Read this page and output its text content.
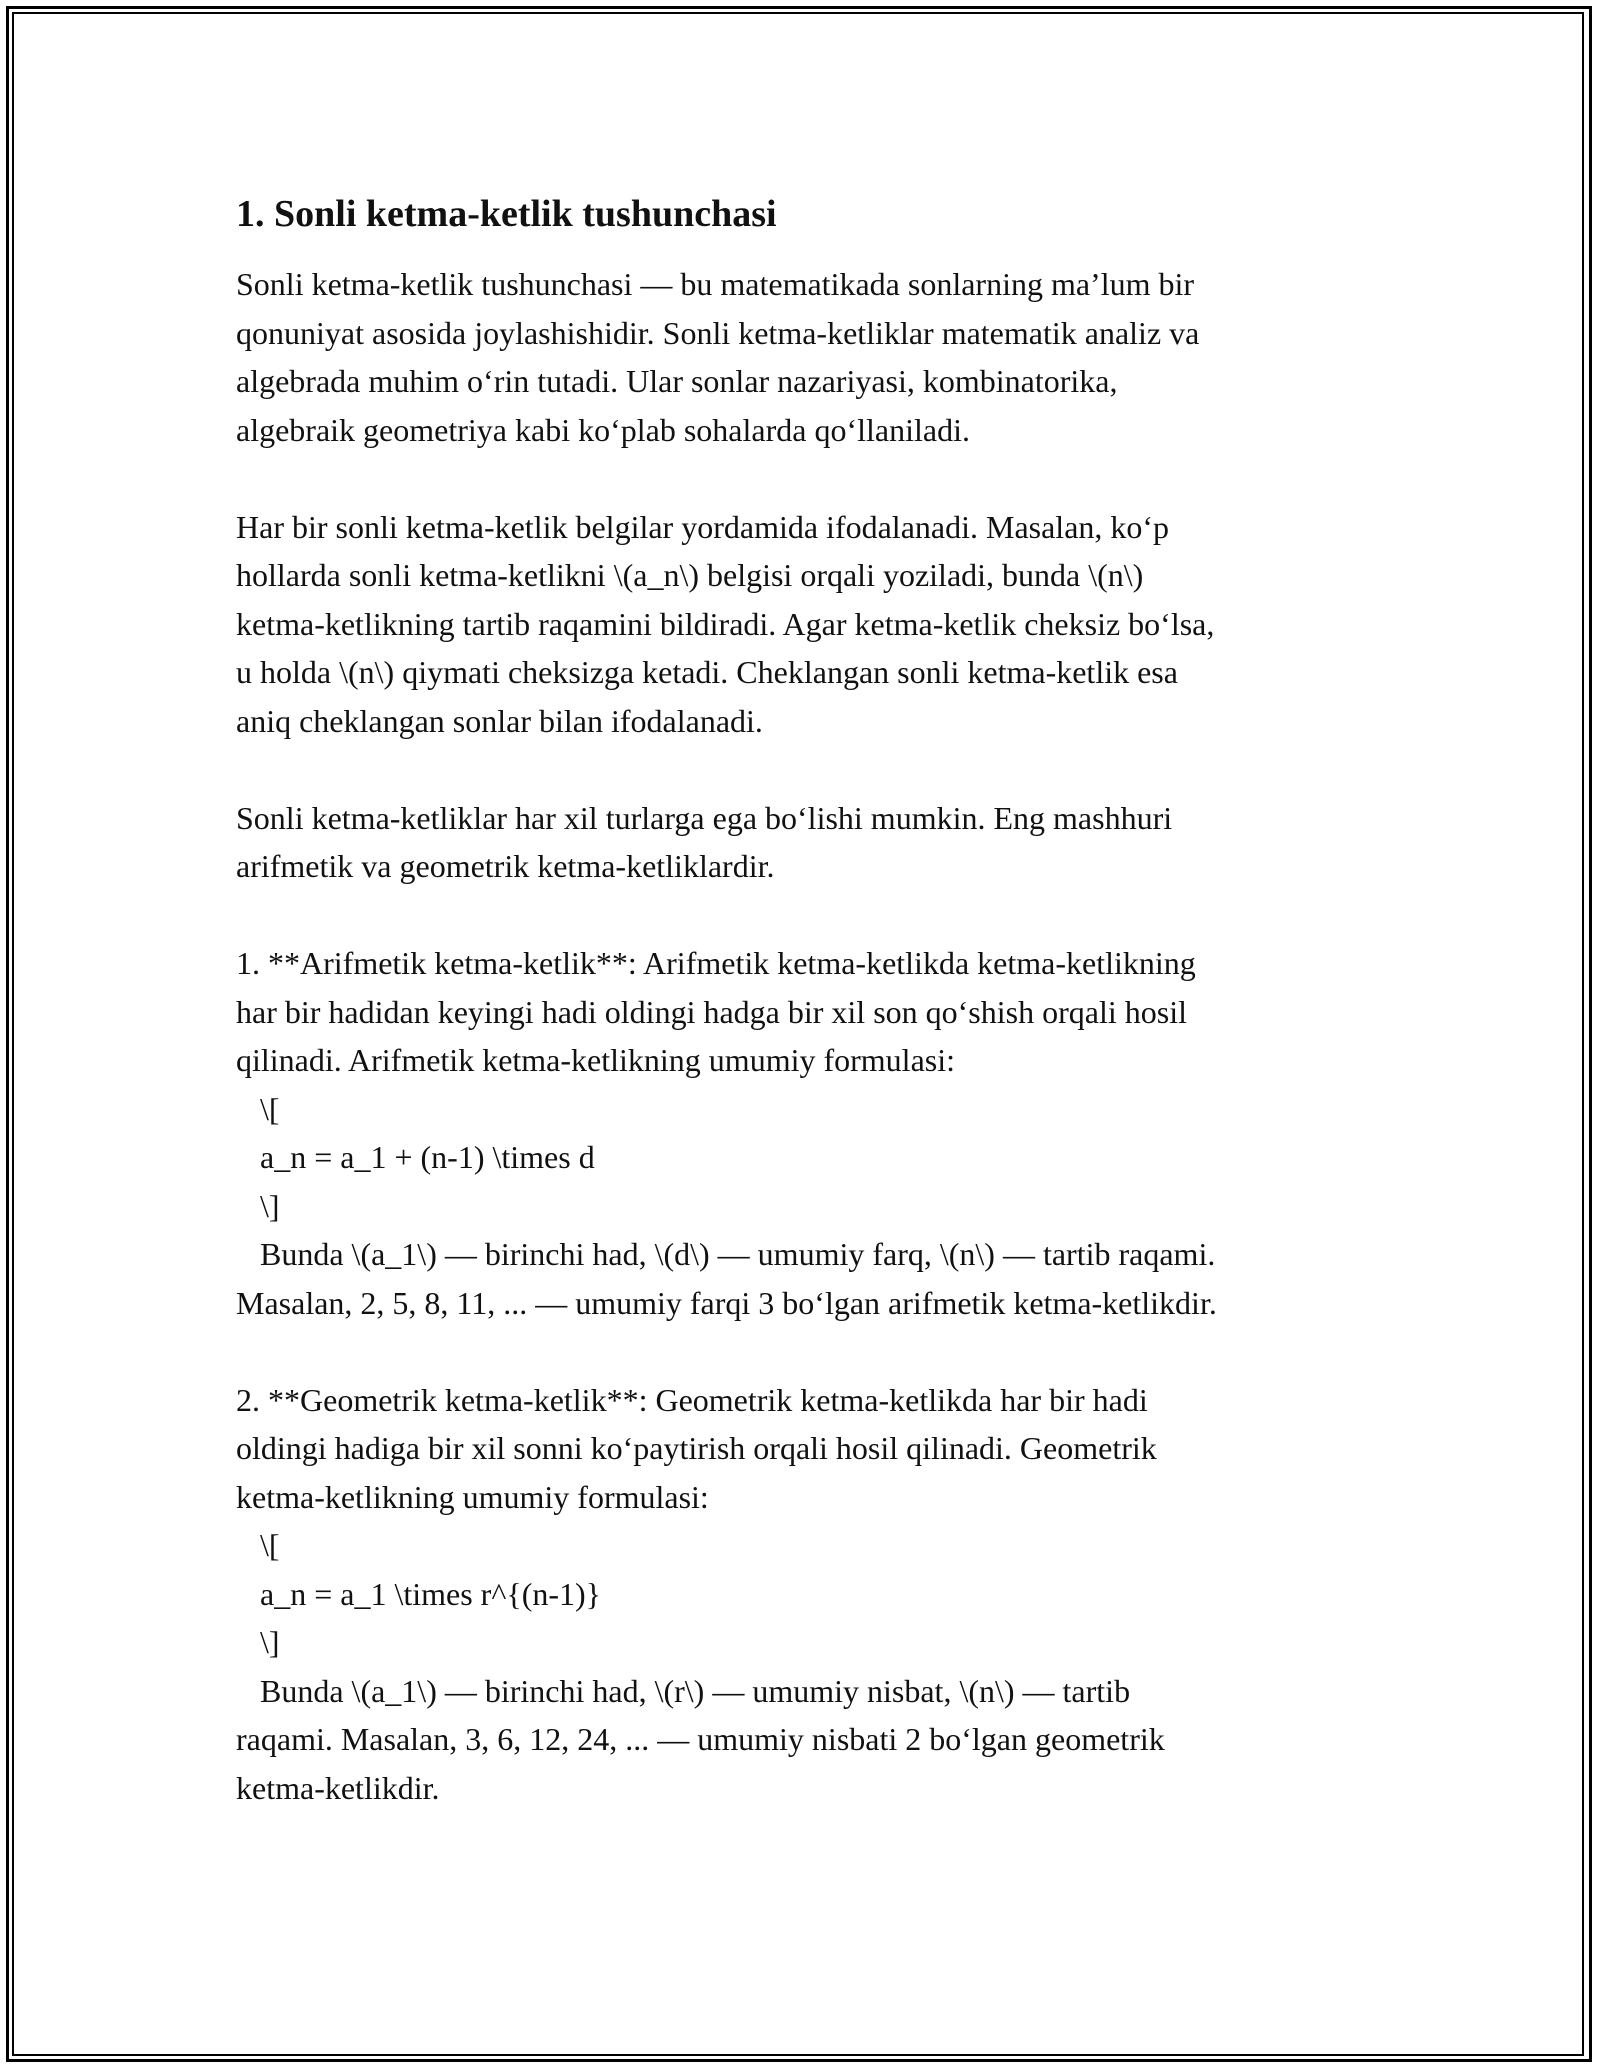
1. Sonli ketma-ketlik tushunchasi

Sonli ketma-ketlik tushunchasi — bu matematikada sonlarning ma’lum bir
qonuniyat asosida joylashishidir. Sonli ketma-ketliklar matematik analiz va
algebrada muhim o‘rin tutadi. Ular sonlar nazariyasi, kombinatorika,
algebraik geometriya kabi ko‘plab sohalarda qo‘llaniladi.

Har bir sonli ketma-ketlik belgilar yordamida ifodalanadi. Masalan, ko‘p
hollarda sonli ketma-ketlikni \(a_n\) belgisi orqali yoziladi, bunda \(n\)
ketma-ketlikning tartib raqamini bildiradi. Agar ketma-ketlik cheksiz bo‘lsa,
u holda \(n\) qiymati cheksizga ketadi. Cheklangan sonli ketma-ketlik esa
aniq cheklangan sonlar bilan ifodalanadi.

Sonli ketma-ketliklar har xil turlarga ega bo‘lishi mumkin. Eng mashhuri
arifmetik va geometrik ketma-ketliklardir.

1. **Arifmetik ketma-ketlik**: Arifmetik ketma-ketlikda ketma-ketlikning
har bir hadidan keyingi hadi oldingi hadga bir xil son qo‘shish orqali hosil
qilinadi. Arifmetik ketma-ketlikning umumiy formulasi:
\[
a_n = a_1 + (n-1) \times d
\]
Bunda \(a_1\) — birinchi had, \(d\) — umumiy farq, \(n\) — tartib raqami.
Masalan, 2, 5, 8, 11, ... — umumiy farqi 3 bo‘lgan arifmetik ketma-ketlikdir.

2. **Geometrik ketma-ketlik**: Geometrik ketma-ketlikda har bir hadi
oldingi hadiga bir xil sonni ko‘paytirish orqali hosil qilinadi. Geometrik
ketma-ketlikning umumiy formulasi:
\[
a_n = a_1 \times r^{(n-1)}
\]
Bunda \(a_1\) — birinchi had, \(r\) — umumiy nisbat, \(n\) — tartib
raqami. Masalan, 3, 6, 12, 24, ... — umumiy nisbati 2 bo‘lgan geometrik
ketma-ketlikdir.
